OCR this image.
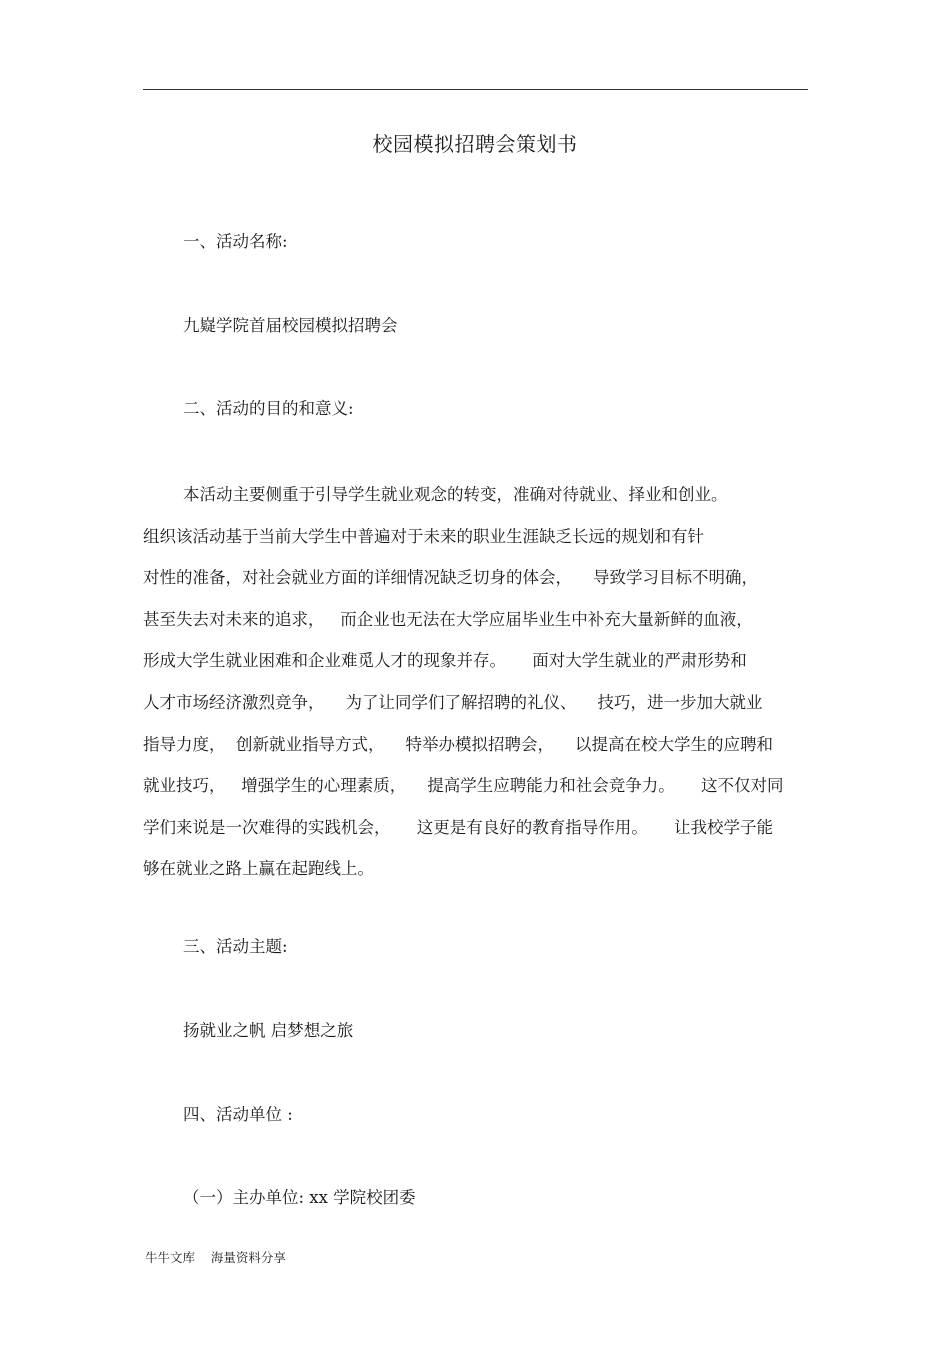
校园模拟招聘会策划书
一、活动名称:
九嶷学院首届校园模拟招聘会
二、活动的目的和意义:
本活动主要侧重于引导学生就业观念的转变，准确对待就业、择业和创业。
组织该活动基于当前大学生中普遍对于未来的职业生涯缺乏长远的规划和有针
对性的准备，对社会就业方面的详细情况缺乏切身的体会，    导致学习目标不明确，
甚至失去对未来的追求，   而企业也无法在大学应届毕业生中补充大量新鲜的血液，
形成大学生就业困难和企业难觅人才的现象并存。     面对大学生就业的严肃形势和
人才市场经济激烈竞争，    为了让同学们了解招聘的礼仪、    技巧，进一步加大就业
指导力度，  创新就业指导方式，    特举办模拟招聘会，    以提高在校大学生的应聘和
就业技巧，   增强学生的心理素质，    提高学生应聘能力和社会竞争力。     这不仅对同
学们来说是一次难得的实践机会，     这更是有良好的教育指导作用。     让我校学子能
够在就业之路上赢在起跑线上。
三、活动主题:
扬就业之帆 启梦想之旅
四、活动单位 :
（一）主办单位: xx 学院校团委
牛牛文库    海量资料分享
